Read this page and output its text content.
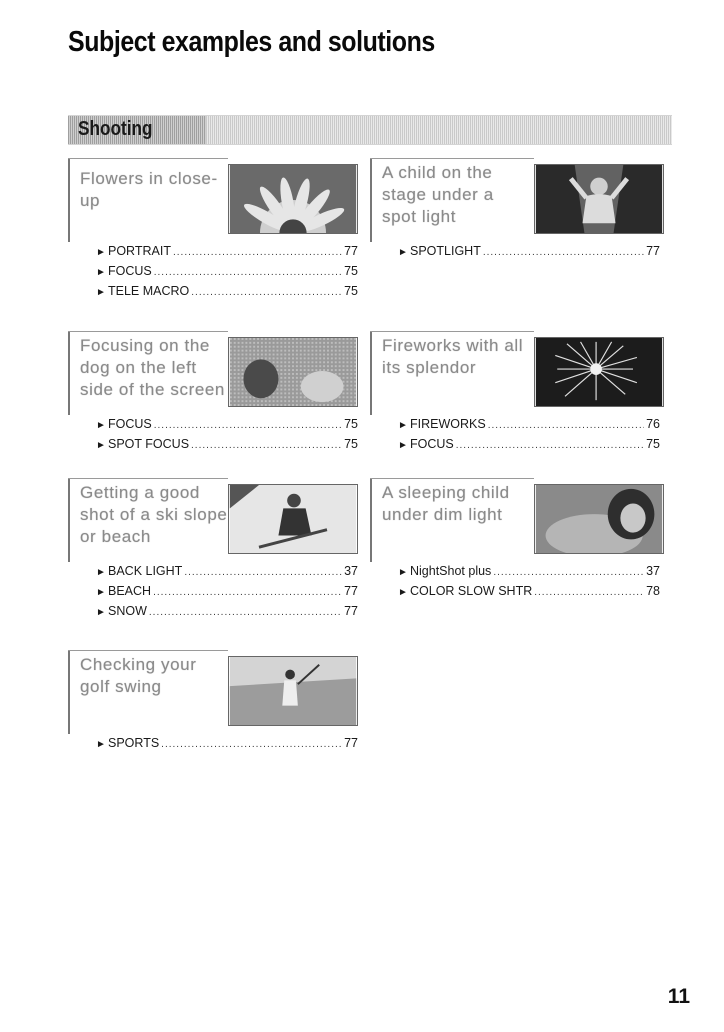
Subject examples and solutions
Shooting
Flowers in close-up
► PORTRAIT .....	77
► FOCUS .....	75
► TELE MACRO .....	75
A child on the stage under a spot light
► SPOTLIGHT .....	77
Focusing on the dog on the left side of the screen
► FOCUS .....	75
► SPOT FOCUS .....	75
Fireworks with all its splendor
► FIREWORKS .....	76
► FOCUS .....	75
Getting a good shot of a ski slope or beach
► BACK LIGHT .....	37
► BEACH .....	77
► SNOW .....	77
A sleeping child under dim light
► NightShot plus .....	37
► COLOR SLOW SHTR .....	78
Checking your golf swing
► SPORTS .....	77
11
